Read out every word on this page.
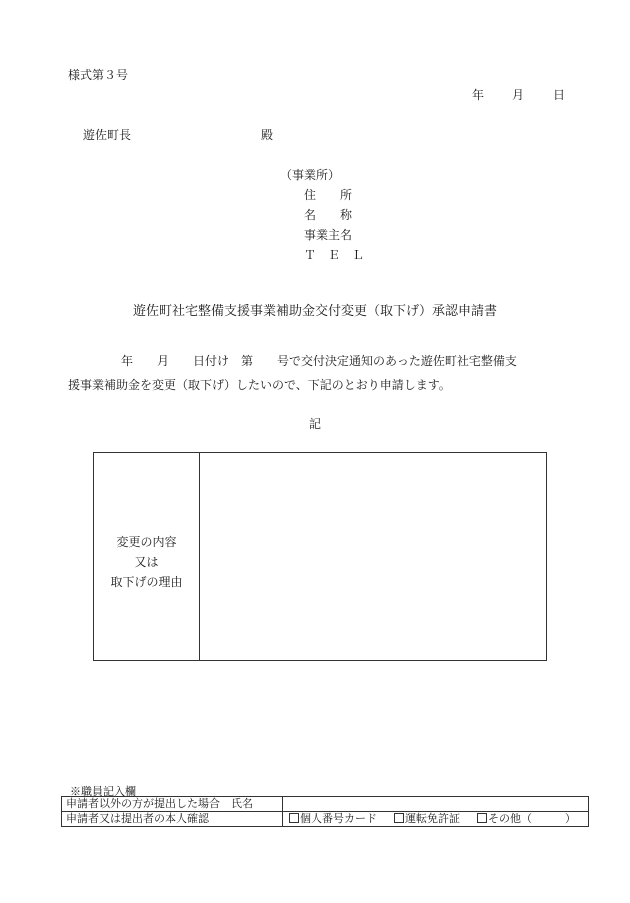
様式第３号
年 月 日
遊佐町長	殿
（事業所）
住　　所
名　　称
事業主名
Ｔ　Ｅ　Ｌ
遊佐町社宅整備支援事業補助金交付変更（取下げ）承認申請書
年　　月　　日付け　第　　号で交付決定通知のあった遊佐町社宅整備支
援事業補助金を変更（取下げ）したいので、下記のとおり申請します。
記
変更の内容
又は
取下げの理由
※職員記入欄
申請者以外の方が提出した場合　氏名	
申請者又は提出者の本人確認	個人番号カード 運転免許証 その他（　　　）
